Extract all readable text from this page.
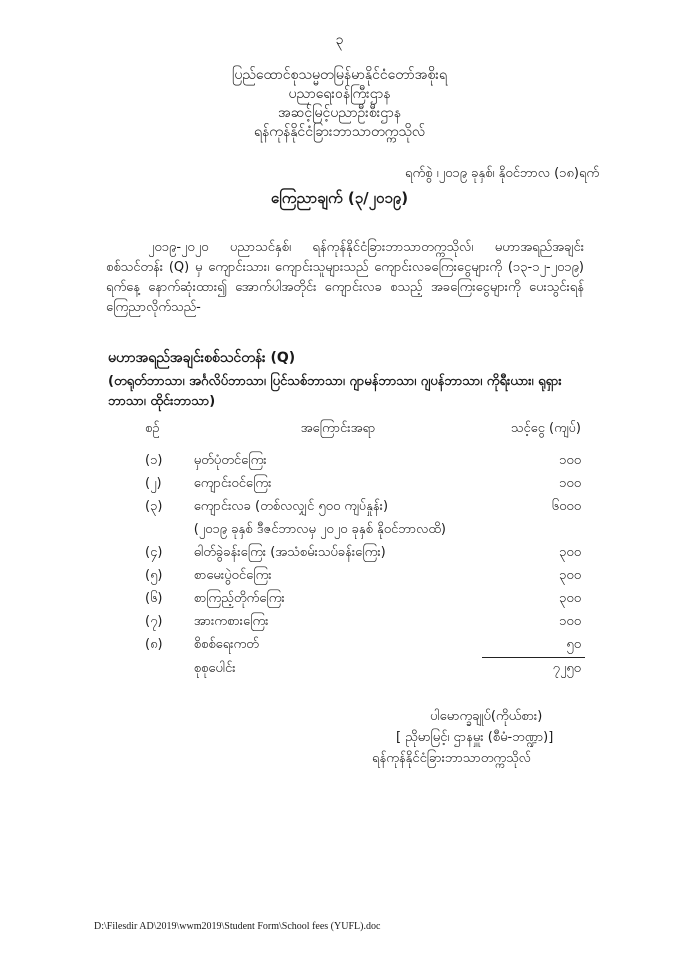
၃
ပြည်ထောင်စုသမ္မတမြန်မာနိုင်ငံတော်အစိုးရ
ပညာရေးဝန်ကြီးဌာန
အဆင့်မြင့်ပညာဦးစီးဌာန
ရန်ကုန်နိုင်ငံခြားဘာသာတက္ကသိုလ်
ရက်စွဲ ၊၂၀၁၉ ခုနှစ်၊ နိုဝင်ဘာလ (၁၈)ရက်
ကြေညာချက် (၃/၂၀၁၉)
၂၀၁၉-၂၀၂၀ ပညာသင်နှစ်၊ ရန်ကုန်နိုင်ငံခြားဘာသာတက္ကသိုလ်၊ မဟာအရည်အချင်းစစ်သင်တန်း (Q) မှ ကျောင်းသား၊ ကျောင်းသူများသည် ကျောင်းလခကြေးငွေများကို (၁၃-၁၂-၂၀၁၉) ရက်နေ့ နောက်ဆုံးထား၍ အောက်ပါအတိုင်း ကျောင်းလခ စသည့် အခကြေးငွေများကို ပေးသွင်းရန် ကြေညာလိုက်သည်-
မဟာအရည်အချင်းစစ်သင်တန်း (Q)
(တရုတ်ဘာသာ၊ အင်္ဂလိပ်ဘာသာ၊ ပြင်သစ်ဘာသာ၊ ဂျာမန်ဘာသာ၊ ဂျပန်ဘာသာ၊ ကိုရီးယား၊ ရုရှားဘာသာ၊ ထိုင်းဘာသာ)
စဉ်	အကြောင်းအရာ	သင့်ငွေ (ကျပ်)
(၁)	မှတ်ပုံတင်ကြေး	၁၀၀
(၂)	ကျောင်းဝင်ကြေး	၁၀၀
(၃)	ကျောင်းလခ (တစ်လလျှင် ၅၀၀ ကျပ်နှုန်း)	၆၀၀၀
	(၂၀၁၉ ခုနှစ် ဒီဇင်ဘာလမှ ၂၀၂၀ ခုနှစ် နိုဝင်ဘာလထိ)	
(၄)	ဓါတ်ခွဲခန်းကြေး (အသံစမ်းသပ်ခန်းကြေး)	၃၀၀
(၅)	စာမေးပွဲဝင်ကြေး	၃၀၀
(၆)	စာကြည့်တိုက်ကြေး	၃၀၀
(၇)	အားကစားကြေး	၁၀၀
(၈)	စိစစ်ရေးကတ်	၅၀
	စုစုပေါင်း	၇၂၅၀
ပါမောက္ခချုပ်(ကိုယ်စား)
[ ညိုမာမြင့်၊ ဌာနမှူး (စီမံ-ဘဏ္ဍာ)]
ရန်ကုန်နိုင်ငံခြားဘာသာတက္ကသိုလ်
D:\Filesdir AD\2019\wwm2019\Student Form\School fees (YUFL).doc
